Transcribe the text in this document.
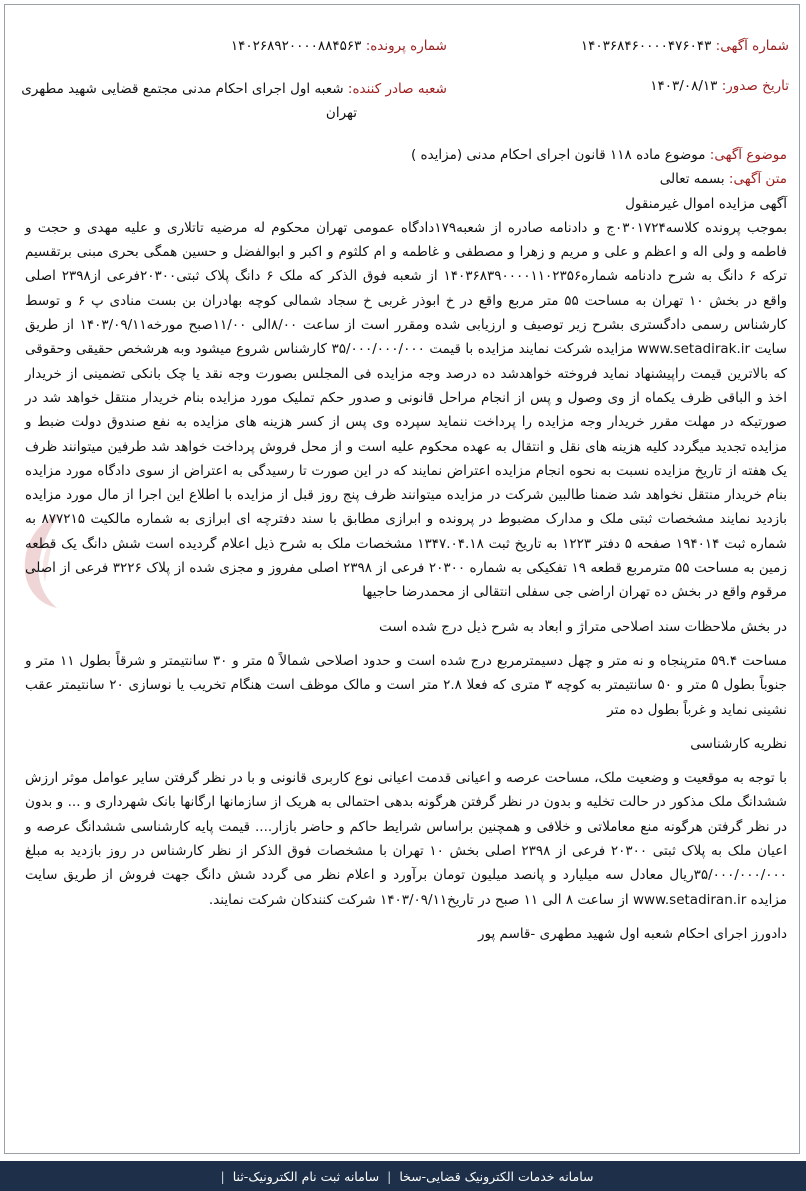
شماره آگهی: ۱۴۰۳۶۸۴۶۰۰۰۰۴۷۶۰۴۳
شماره پرونده: ۱۴۰۲۶۸۹۲۰۰۰۰۸۸۴۵۶۳
تاریخ صدور: ۱۴۰۳/۰۸/۱۳
شعبه صادر کننده: شعبه اول اجرای احکام مدنی مجتمع قضایی شهید مطهری
تهران

موضوع آگهی: موضوع ماده ۱۱۸ قانون اجرای احکام مدنی (مزایده )

متن آگهی: بسمه تعالی

آگهی مزایده اموال غیرمنقول

بموجب پرونده کلاسه۰۳۰۱۷۲۴ج و دادنامه صادره از شعبه۱۷۹دادگاه عمومی تهران محکوم له مرضیه تاتلاری و علیه مهدی و حجت و فاطمه و ولی اله و اعظم و علی و مریم و زهرا و مصطفی و غاطمه و ام کلثوم و اکبر و ابوالفضل و حسین همگی بحری مبنی برتقسیم ترکه ۶ دانگ به شرح دادنامه شماره۱۴۰۳۶۸۳۹۰۰۰۰۱۱۰۲۳۵۶ از شعبه فوق الذکر که ملک ۶ دانگ پلاک ثبتی۲۰۳۰۰فرعی از۲۳۹۸ اصلی واقع در بخش ۱۰ تهران به مساحت ۵۵ متر مربع واقع در خ ابوذر غربی خ سجاد شمالی کوچه بهادران بن بست منادی پ ۶ و توسط کارشناس رسمی دادگستری بشرح زیر توصیف و ارزیابی شده ومقرر است از ساعت ۸/۰۰الی ۱۱/۰۰صبح مورخه۱۴۰۳/۰۹/۱۱ از طریق سایت www.setadirak.ir مزایده شرکت نمایند مزایده با قیمت ۳۵/۰۰۰/۰۰۰/۰۰۰ کارشناس شروع میشود وبه هرشخص حقیقی وحقوقی که بالاترین قیمت راپیشنهاد نماید فروخته خواهدشد ده درصد وجه مزایده فی المجلس بصورت وجه نقد یا چک بانکی تضمینی از خریدار اخذ و الباقی ظرف یکماه از وی وصول و پس از انجام مراحل قانونی و صدور حکم تملیک مورد مزایده بنام خریدار منتقل خواهد شد در صورتیکه در مهلت مقرر خریدار وجه مزایده را پرداخت ننماید سپرده وی پس از کسر هزینه های مزایده به نفع صندوق دولت ضبط و مزایده تجدید میگردد کلیه هزینه های نقل و انتقال به عهده محکوم علیه است و از محل فروش پرداخت خواهد شد طرفین میتوانند ظرف یک هفته از تاریخ مزایده نسبت به نحوه انجام مزایده اعتراض نمایند که در این صورت تا رسیدگی به اعتراض از سوی دادگاه مورد مزایده بنام خریدار منتقل نخواهد شد ضمنا طالبین شرکت در مزایده میتوانند ظرف پنج روز قبل از مزایده با اطلاع این اجرا از مال مورد مزایده بازدید نمایند مشخصات ثبتی ملک و مدارک مضبوط در پرونده و ابرازی مطابق با سند دفترچه ای ابرازی به شماره مالکیت ۸۷۷۲۱۵ به شماره ثبت ۱۹۴۰۱۴ صفحه ۵ دفتر ۱۲۲۳ به تاریخ ثبت ۱۳۴۷.۰۴.۱۸ مشخصات ملک به شرح ذیل اعلام گردیده است شش دانگ یک قطعه زمین به مساحت ۵۵ مترمربع قطعه ۱۹ تفکیکی به شماره ۲۰۳۰۰ فرعی از ۲۳۹۸ اصلی مفروز و مجزی شده از پلاک ۳۲۲۶ فرعی از اصلی مرقوم واقع در بخش ده تهران اراضی جی سفلی انتقالی از محمدرضا حاجیها

در بخش ملاحظات سند اصلاحی متراژ و ابعاد به شرح ذیل درج شده است

مساحت ۵۹.۴ مترپنجاه و نه متر و چهل دسیمترمربع درج شده است و حدود اصلاحی شمالاً ۵ متر و ۳۰ سانتیمتر و شرقاً بطول ۱۱ متر و جنوباً بطول ۵ متر و ۵۰ سانتیمتر به کوچه ۳ متری که فعلا ۲.۸ متر است و مالک موظف است هنگام تخریب یا نوسازی ۲۰ سانتیمتر عقب نشینی نماید و غرباً بطول ده متر

نظریه کارشناسی

با توجه به موقعیت و وضعیت ملک، مساحت عرصه و اعیانی قدمت اعیانی نوع کاربری قانونی و با در نظر گرفتن سایر عوامل موثر ارزش ششدانگ ملک مذکور در حالت تخلیه و بدون در نظر گرفتن هرگونه بدهی احتمالی به هریک از سازمانها ارگانها بانک شهرداری و ... و بدون در نظر گرفتن هرگونه منع معاملاتی و خلافی و همچنین براساس شرایط حاکم و حاضر بازار.... قیمت پایه کارشناسی ششدانگ عرصه و اعیان ملک به پلاک ثبتی ۲۰۳۰۰ فرعی از ۲۳۹۸ اصلی بخش ۱۰ تهران با مشخصات فوق الذکر از نظر کارشناس در روز بازدید به مبلغ ۳۵/۰۰۰/۰۰۰/۰۰۰ریال معادل سه میلیارد و پانصد میلیون تومان برآورد و اعلام نظر می گردد شش دانگ جهت فروش از طریق سایت مزایده www.setadiran.ir از ساعت ۸ الی ۱۱ صبح در تاریخ۱۴۰۳/۰۹/۱۱ شرکت کنندکان شرکت نمایند.

دادورز اجرای احکام شعبه اول شهید مطهری -قاسم پور

سامانه خدمات الکترونیک قضایی-سخا
|
سامانه ثبت نام الکترونیک-ثنا
|
